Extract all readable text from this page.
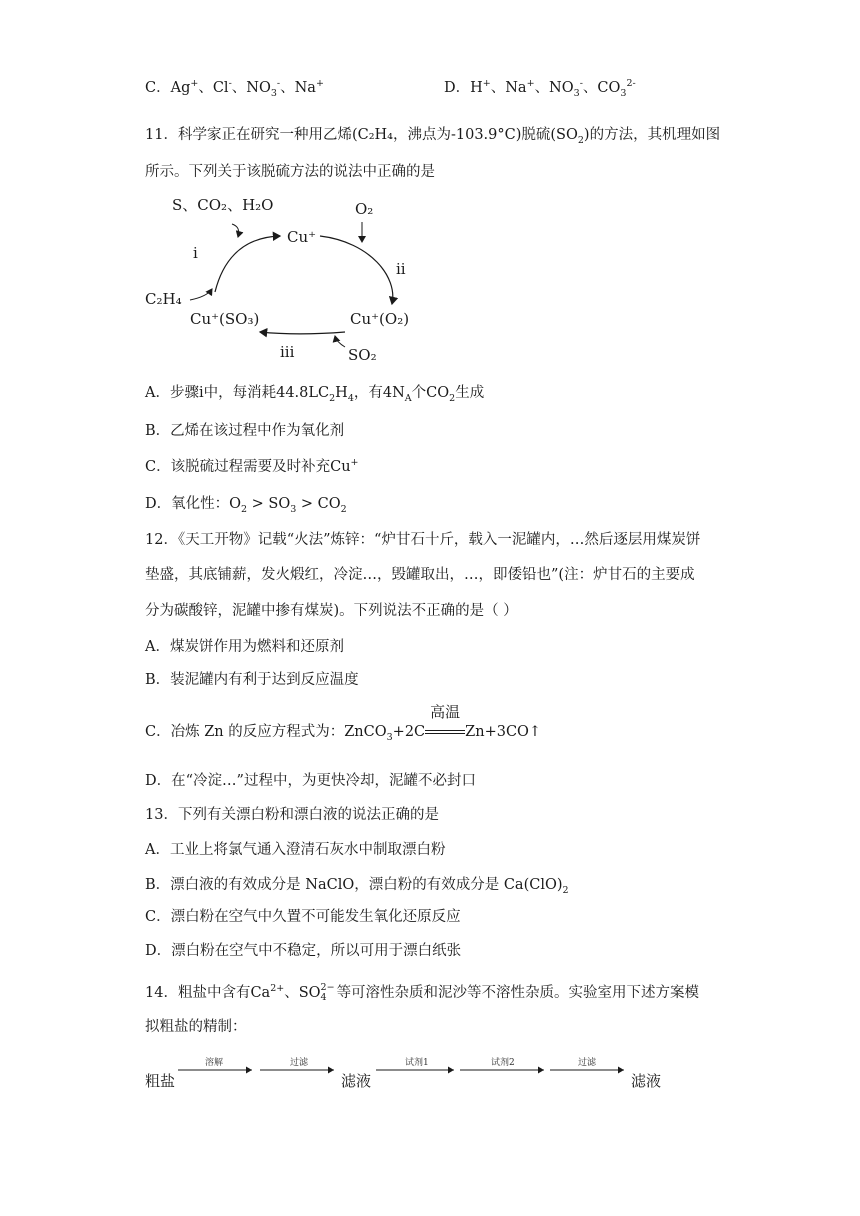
C．Ag+、Cl-、$NO_3^-$、Na+	D．H+、Na+、$NO_3^-$、$CO_3^{2-}$
11．科学家正在研究一种用乙烯(C₂H₄，沸点为-103.9°C)脱硫$(SO_2)$的方法，其机理如图
所示。下列关于该脱硫方法的说法中正确的是
S、CO₂、H₂O
Cu⁺
O₂
i
ii
iii
C₂H₄
Cu⁺(SO₃)	Cu⁺(O₂)
SO₂
A．步骤i中，每消耗$44.8LC_2H_4$，有$4N_A$个$CO_2$生成
B．乙烯在该过程中作为氧化剂
C．该脱硫过程需要及时补充Cu+
D．氧化性：$O_2 > SO_3 > CO_2$
12．《天工开物》记载“火法”炼锌：“炉甘石十斤，载入一泥罐内，…然后逐层用煤炭饼
垫盛，其底铺薪，发火煅红，冷淀…，毁罐取出，…，即倭铅也”(注：炉甘石的主要成
分为碳酸锌，泥罐中掺有煤炭)。下列说法不正确的是（ ）
A．煤炭饼作用为燃料和还原剂
B．装泥罐内有利于达到反应温度
C．冶炼 Zn 的反应方程式为：ZnCO$_3$+2C
高温
Zn+3CO↑
D．在“冷淀…”过程中，为更快冷却，泥罐不必封口
13．下列有关漂白粉和漂白液的说法正确的是
A．工业上将氯气通入澄清石灰水中制取漂白粉
B．漂白液的有效成分是 NaClO，漂白粉的有效成分是 $Ca(ClO)_2$
C．漂白粉在空气中久置不可能发生氧化还原反应
D．漂白粉在空气中不稳定，所以可用于漂白纸张
14．粗盐中含有$Ca^{2+}$、SO 2−
4 等可溶性杂质和泥沙等不溶性杂质。实验室用下述方案模
拟粗盐的精制：
粗盐
溶解	过滤
滤液
试剂1	试剂2	过滤
滤液
